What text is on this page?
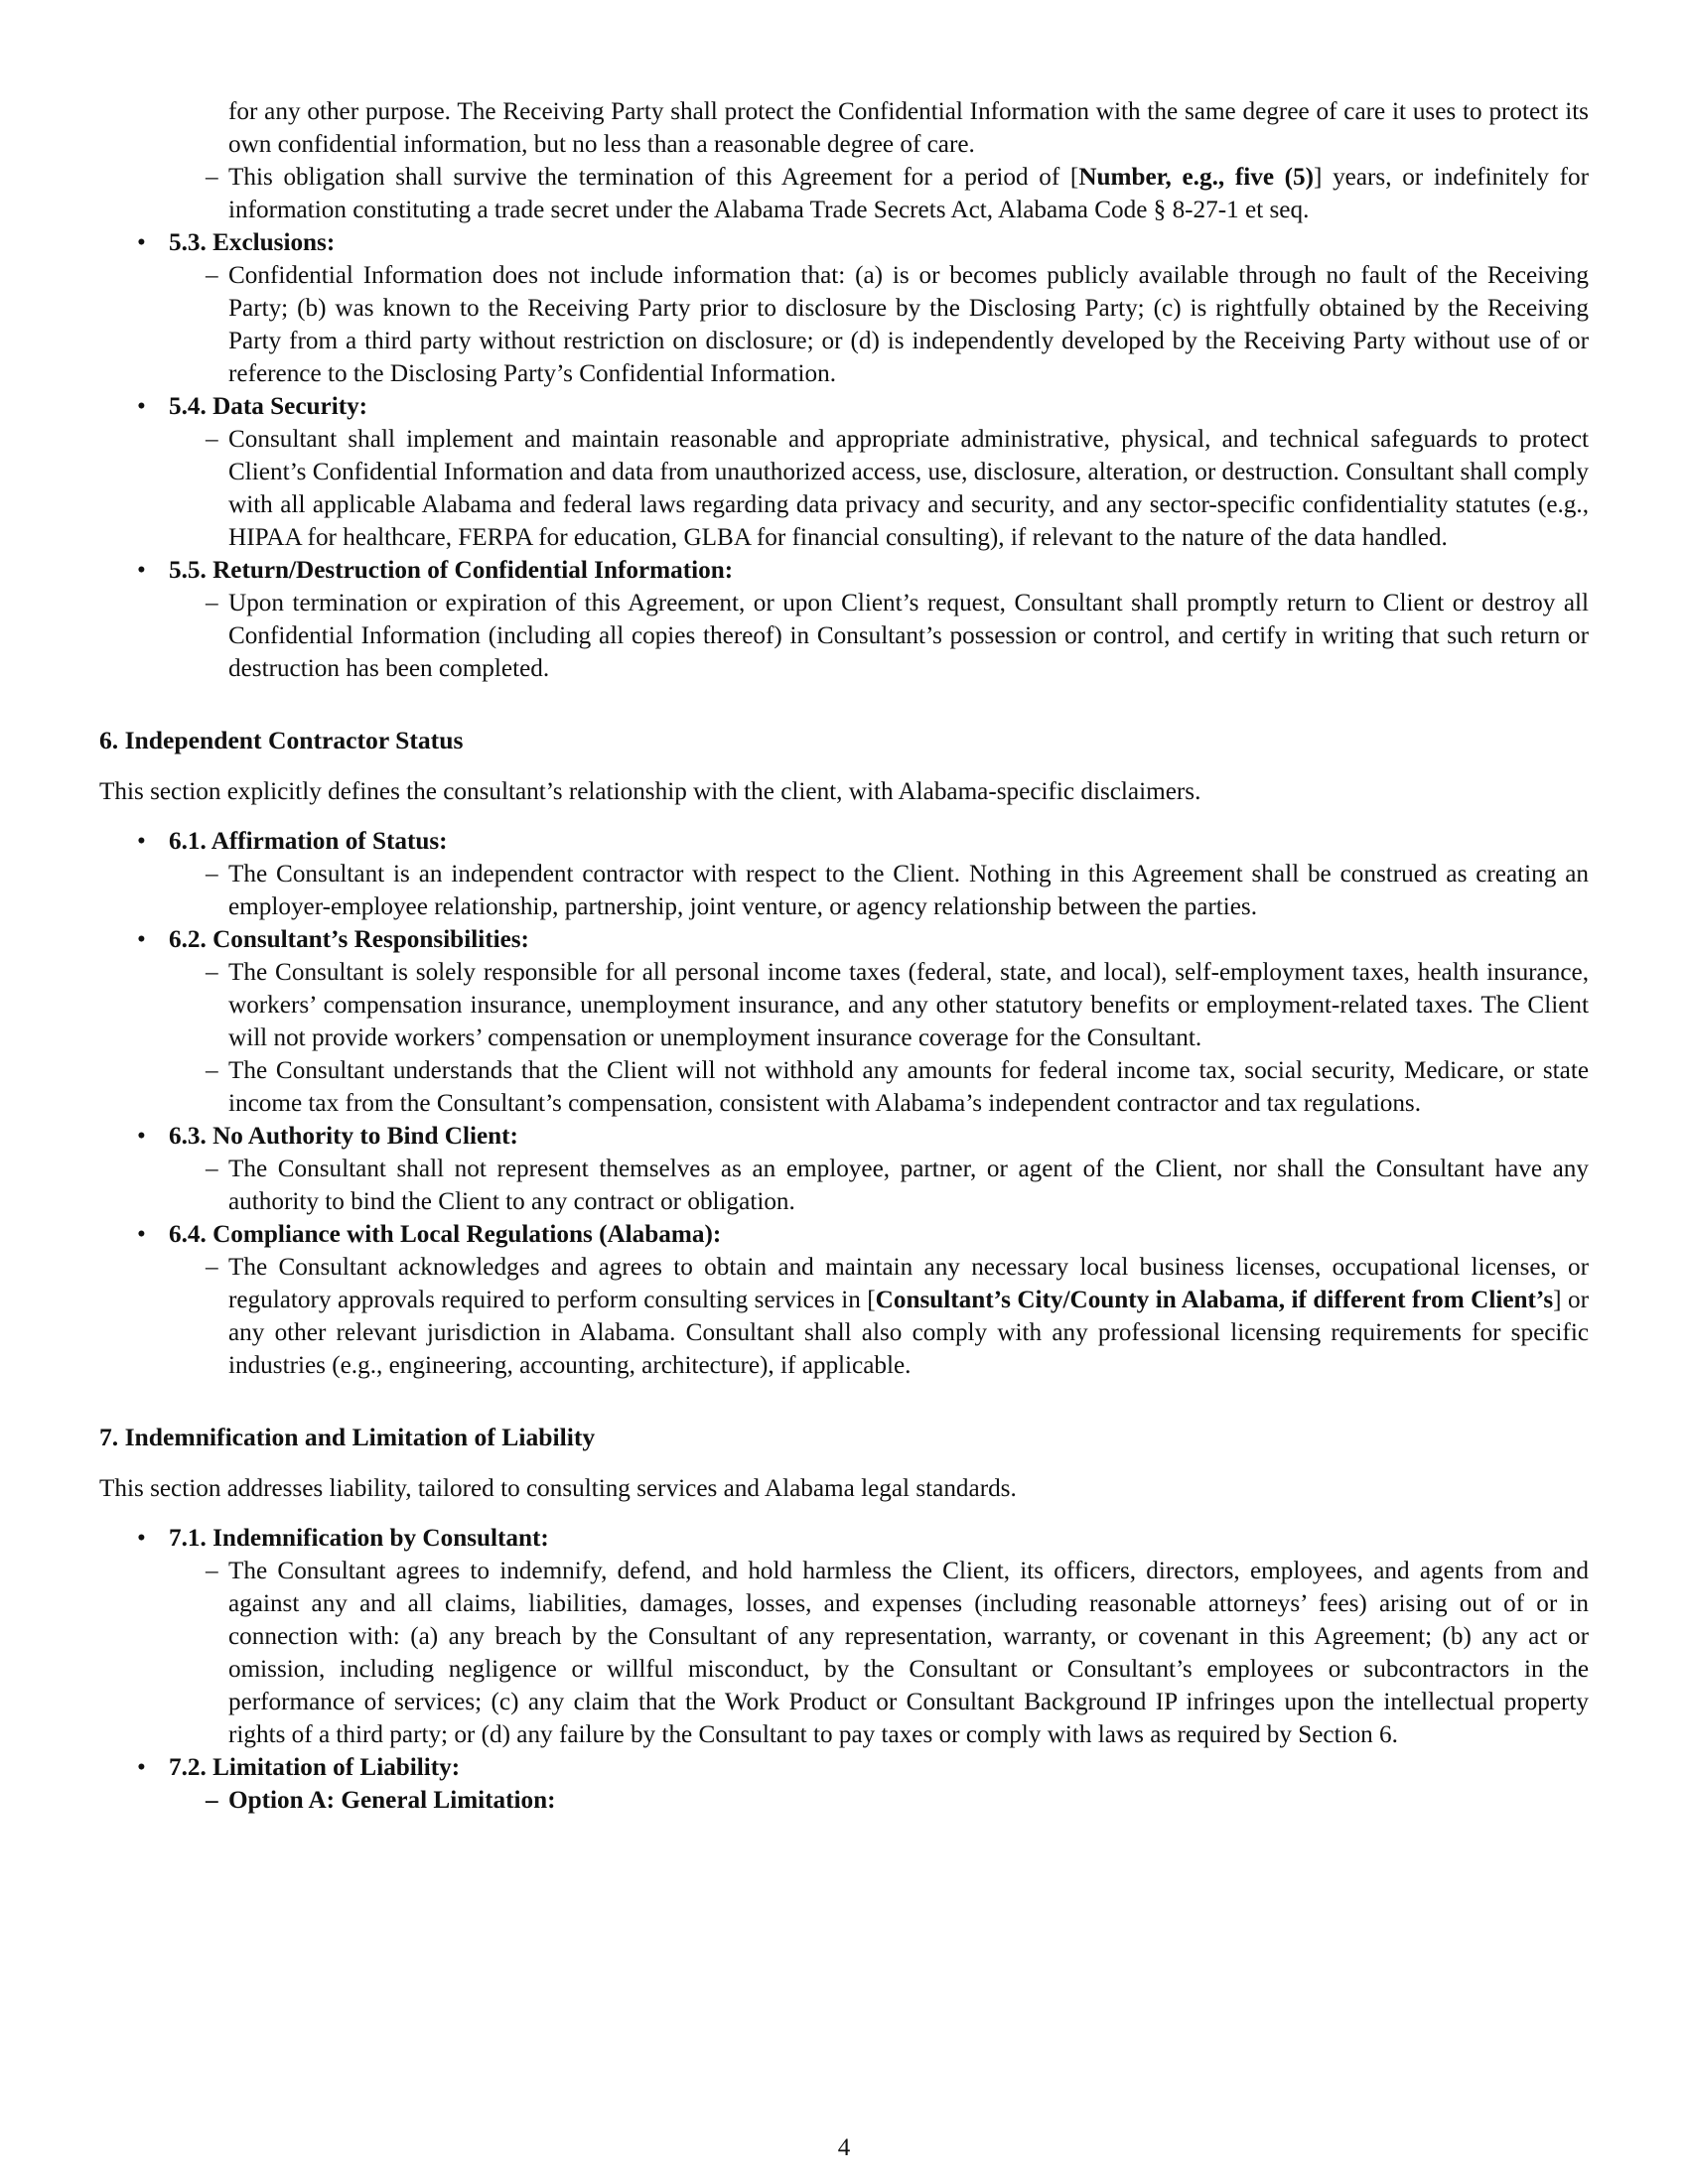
for any other purpose. The Receiving Party shall protect the Confidential Information with the same degree of care it uses to protect its own confidential information, but no less than a reasonable degree of care.

– This obligation shall survive the termination of this Agreement for a period of [Number, e.g., five (5)] years, or indefinitely for information constituting a trade secret under the Alabama Trade Secrets Act, Alabama Code § 8-27-1 et seq.
• 5.3. Exclusions:
– Confidential Information does not include information that: (a) is or becomes publicly available through no fault of the Receiving Party; (b) was known to the Receiving Party prior to disclosure by the Disclosing Party; (c) is rightfully obtained by the Receiving Party from a third party without restriction on disclosure; or (d) is independently developed by the Receiving Party without use of or reference to the Disclosing Party’s Confidential Information.
• 5.4. Data Security:
– Consultant shall implement and maintain reasonable and appropriate administrative, physical, and technical safeguards to protect Client’s Confidential Information and data from unauthorized access, use, disclosure, alteration, or destruction. Consultant shall comply with all applicable Alabama and federal laws regarding data privacy and security, and any sector-specific confidentiality statutes (e.g., HIPAA for healthcare, FERPA for education, GLBA for financial consulting), if relevant to the nature of the data handled.
• 5.5. Return/Destruction of Confidential Information:
– Upon termination or expiration of this Agreement, or upon Client’s request, Consultant shall promptly return to Client or destroy all Confidential Information (including all copies thereof) in Consultant’s possession or control, and certify in writing that such return or destruction has been completed.
6. Independent Contractor Status

This section explicitly defines the consultant’s relationship with the client, with Alabama-specific disclaimers.

• 6.1. Affirmation of Status:
– The Consultant is an independent contractor with respect to the Client. Nothing in this Agreement shall be construed as creating an employer-employee relationship, partnership, joint venture, or agency relationship between the parties.
• 6.2. Consultant’s Responsibilities:
– The Consultant is solely responsible for all personal income taxes (federal, state, and local), self-employment taxes, health insurance, workers’ compensation insurance, unemployment insurance, and any other statutory benefits or employment-related taxes. The Client will not provide workers’ compensation or unemployment insurance coverage for the Consultant.
– The Consultant understands that the Client will not withhold any amounts for federal income tax, social security, Medicare, or state income tax from the Consultant’s compensation, consistent with Alabama’s independent contractor and tax regulations.
• 6.3. No Authority to Bind Client:
– The Consultant shall not represent themselves as an employee, partner, or agent of the Client, nor shall the Consultant have any authority to bind the Client to any contract or obligation.
• 6.4. Compliance with Local Regulations (Alabama):
– The Consultant acknowledges and agrees to obtain and maintain any necessary local business licenses, occupational licenses, or regulatory approvals required to perform consulting services in [Consultant’s City/County in Alabama, if different from Client’s] or any other relevant jurisdiction in Alabama. Consultant shall also comply with any professional licensing requirements for specific industries (e.g., engineering, accounting, architecture), if applicable.
7. Indemnification and Limitation of Liability

This section addresses liability, tailored to consulting services and Alabama legal standards.

• 7.1. Indemnification by Consultant:
– The Consultant agrees to indemnify, defend, and hold harmless the Client, its officers, directors, employees, and agents from and against any and all claims, liabilities, damages, losses, and expenses (including reasonable attorneys’ fees) arising out of or in connection with: (a) any breach by the Consultant of any representation, warranty, or covenant in this Agreement; (b) any act or omission, including negligence or willful misconduct, by the Consultant or Consultant’s employees or subcontractors in the performance of services; (c) any claim that the Work Product or Consultant Background IP infringes upon the intellectual property rights of a third party; or (d) any failure by the Consultant to pay taxes or comply with laws as required by Section 6.
• 7.2. Limitation of Liability:
– Option A: General Limitation:
4
